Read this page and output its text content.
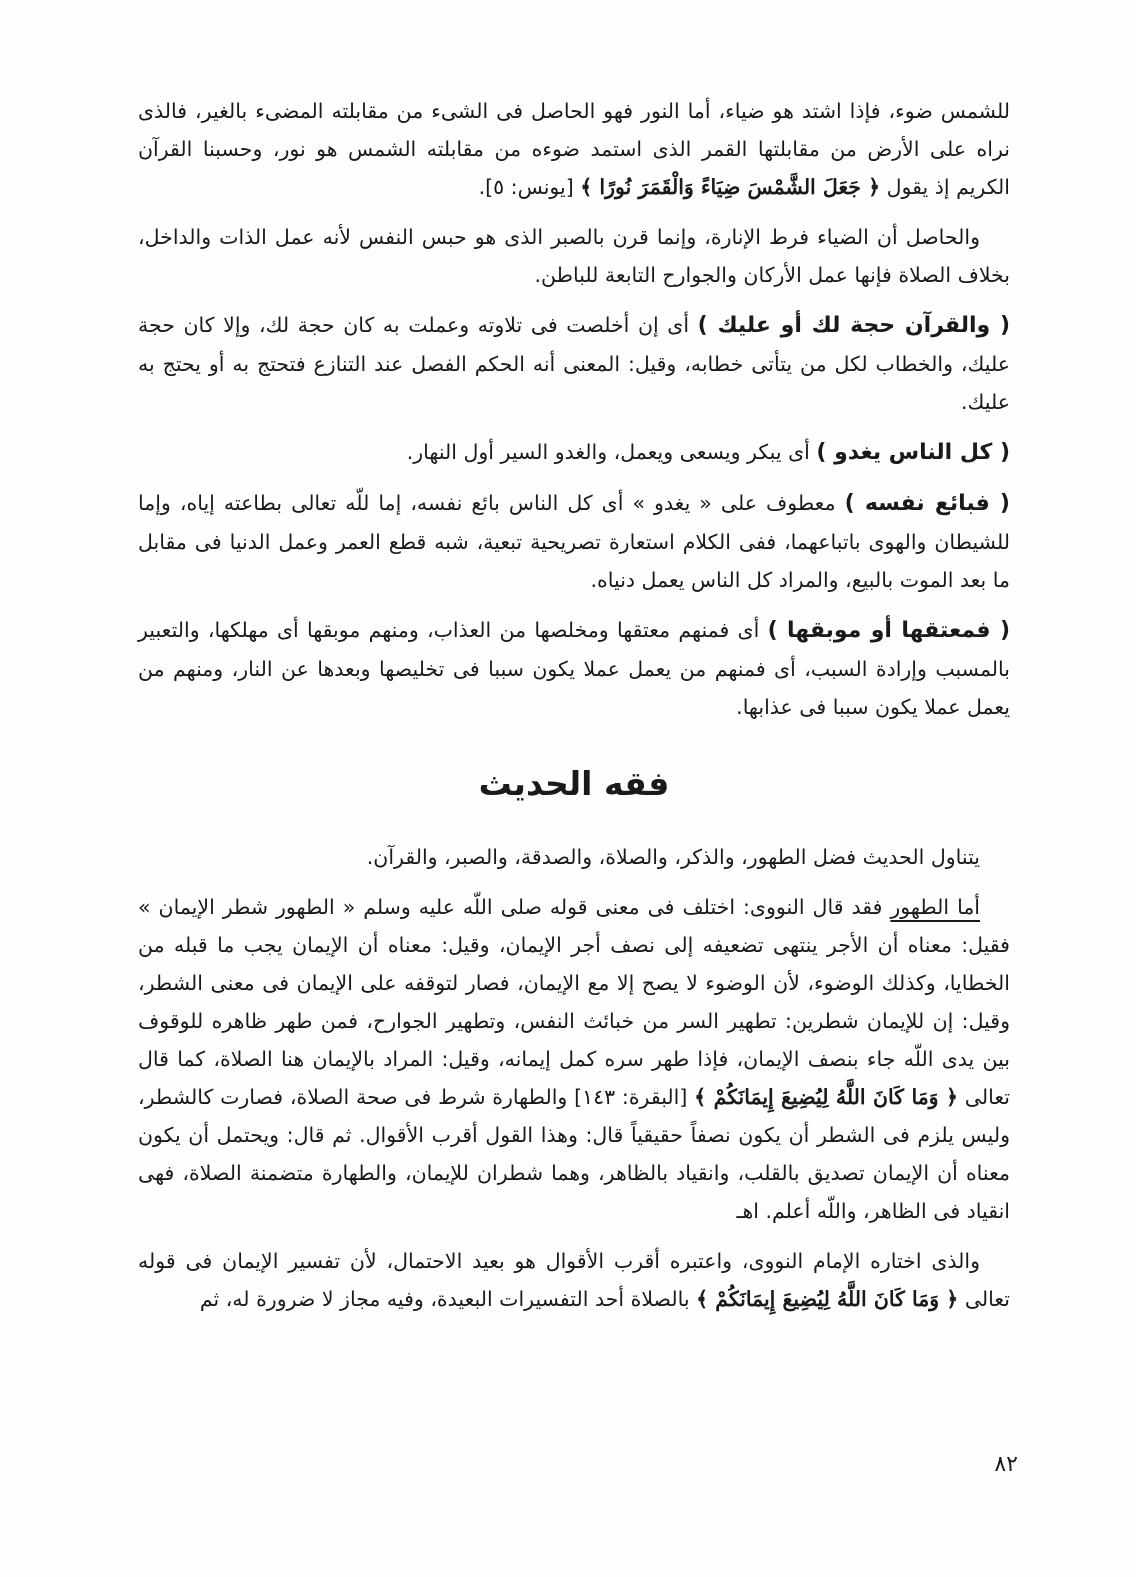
للشمس ضوء، فإذا اشتد هو ضياء، أما النور فهو الحاصل فى الشىء من مقابلته المضىء بالغير، فالذى نراه على الأرض من مقابلتها القمر الذى استمد ضوءه من مقابلته الشمس هو نور، وحسبنا القرآن الكريم إذ يقول ﴿ جَعَلَ الشَّمْسَ ضِيَاءً وَالْقَمَرَ نُورًا ﴾ [يونس: ٥].

والحاصل أن الضياء فرط الإنارة، وإنما قرن بالصبر الذى هو حبس النفس لأنه عمل الذات والداخل، بخلاف الصلاة فإنها عمل الأركان والجوارح التابعة للباطن.

( والقرآن حجة لك أو عليك ) أى إن أخلصت فى تلاوته وعملت به كان حجة لك، وإلا كان حجة عليك، والخطاب لكل من يتأتى خطابه، وقيل: المعنى أنه الحكم الفصل عند التنازع فتحتج به أو يحتج به عليك.

( كل الناس يغدو ) أى يبكر ويسعى ويعمل، والغدو السير أول النهار.

( فبائع نفسه ) معطوف على « يغدو » أى كل الناس بائع نفسه، إما للّه تعالى بطاعته إياه، وإما للشيطان والهوى باتباعهما، ففى الكلام استعارة تصريحية تبعية، شبه قطع العمر وعمل الدنيا فى مقابل ما بعد الموت بالبيع، والمراد كل الناس يعمل دنياه.

( فمعتقها أو موبقها ) أى فمنهم معتقها ومخلصها من العذاب، ومنهم موبقها أى مهلكها، والتعبير بالمسبب وإرادة السبب، أى فمنهم من يعمل عملا يكون سببا فى تخليصها وبعدها عن النار، ومنهم من يعمل عملا يكون سببا فى عذابها.

فقه الحديث

يتناول الحديث فضل الطهور، والذكر، والصلاة، والصدقة، والصبر، والقرآن.

أما الطهور فقد قال النووى: اختلف فى معنى قوله صلى اللّه عليه وسلم « الطهور شطر الإيمان » فقيل: معناه أن الأجر ينتهى تضعيفه إلى نصف أجر الإيمان، وقيل: معناه أن الإيمان يجب ما قبله من الخطايا، وكذلك الوضوء، لأن الوضوء لا يصح إلا مع الإيمان، فصار لتوقفه على الإيمان فى معنى الشطر، وقيل: إن للإيمان شطرين: تطهير السر من خبائث النفس، وتطهير الجوارح، فمن طهر ظاهره للوقوف بين يدى اللّه جاء بنصف الإيمان، فإذا طهر سره كمل إيمانه، وقيل: المراد بالإيمان هنا الصلاة، كما قال تعالى ﴿ وَمَا كَانَ اللَّهُ لِيُضِيعَ إِيمَانَكُمْ ﴾ [البقرة: ١٤٣] والطهارة شرط فى صحة الصلاة، فصارت كالشطر، وليس يلزم فى الشطر أن يكون نصفاً حقيقياً قال: وهذا القول أقرب الأقوال. ثم قال: ويحتمل أن يكون معناه أن الإيمان تصديق بالقلب، وانقياد بالظاهر، وهما شطران للإيمان، والطهارة متضمنة الصلاة، فهى انقياد فى الظاهر، واللّه أعلم. اهـ

والذى اختاره الإمام النووى، واعتبره أقرب الأقوال هو بعيد الاحتمال، لأن تفسير الإيمان فى قوله تعالى ﴿ وَمَا كَانَ اللَّهُ لِيُضِيعَ إِيمَانَكُمْ ﴾ بالصلاة أحد التفسيرات البعيدة، وفيه مجاز لا ضرورة له، ثم

٨٢
